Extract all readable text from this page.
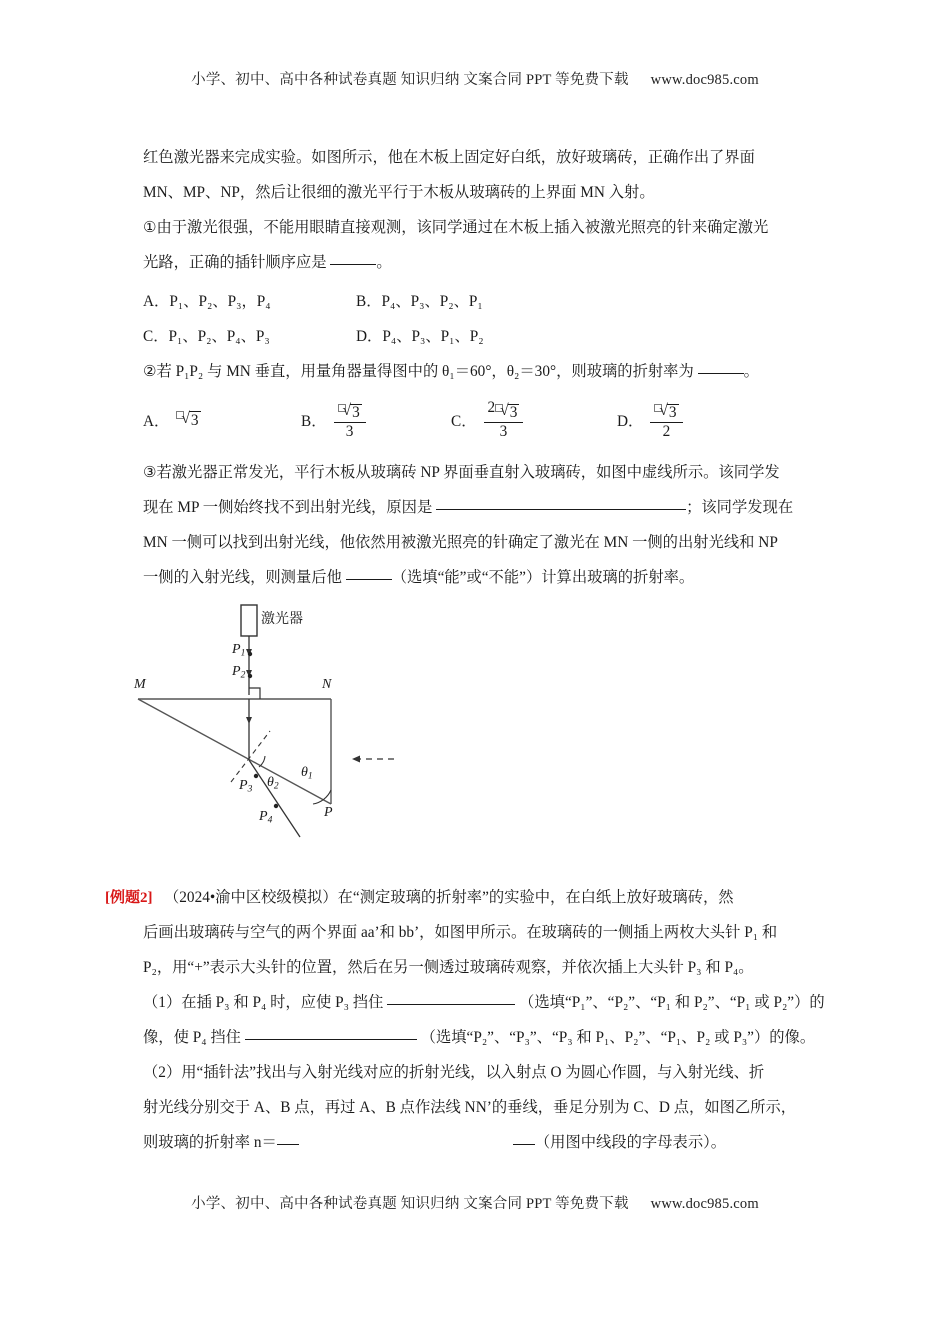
小学、初中、高中各种试卷真题 知识归纳 文案合同 PPT 等免费下载 www.doc985.com

红色激光器来完成实验。如图所示，他在木板上固定好白纸，放好玻璃砖，正确作出了界面

MN、MP、NP，然后让很细的激光平行于木板从玻璃砖的上界面 MN 入射。

①由于激光很强，不能用眼睛直接观测，该同学通过在木板上插入被激光照亮的针来确定激光

光路，正确的插针顺序应是	。

A．P₁、P₂、P₃，P₄	B．P₄、P₃、P₂、P₁
C．P₁、P₂、P₄、P₃	D．P₄、P₃、P₁、P₂

②若 P₁P₂ 与 MN 垂直，用量角器量得图中的 θ₁＝60°，θ₂＝30°，则玻璃的折射率为	。

A． √ 3	B． $\frac{√ 3}{3}$	C． $\frac{2 √ 3}{3}$	D． $\frac{√ 3}{2}$

③若激光器正常发光，平行木板从玻璃砖 NP 界面垂直射入玻璃砖，如图中虚线所示。该同学发

现在 MP 一侧始终找不到出射光线，原因是	；该同学发现在

MN 一侧可以找到出射光线，他依然用被激光照亮的针确定了激光在 MN 一侧的出射光线和 NP

一侧的入射光线，则测量后他	（选填“能”或“不能”）计算出玻璃的折射率。

激光器
$P_1$
$P_2$
M	N
P
$P_3$
$P_4$
$\theta_1$
$\theta_2$

[例题2] （2024•渝中区校级模拟）在“测定玻璃的折射率”的实验中，在白纸上放好玻璃砖，然

后画出玻璃砖与空气的两个界面 aa’和 bb’，如图甲所示。在玻璃砖的一侧插上两枚大头针 P₁ 和

P₂，用“+”表示大头针的位置，然后在另一侧透过玻璃砖观察，并依次插上大头针 P₃ 和 P₄。

（1）在插 P₃ 和 P₄ 时，应使 P₃ 挡住	（选填“P₁”、“P₂”、“P₁ 和 P₂”、“P₁ 或 P₂”）的

像，使 P₄ 挡住	（选填“P₂”、“P₃”、“P₃ 和 P₁、P₂”、“P₁、P₂ 或 P₃”）的像。

（2）用“插针法”找出与入射光线对应的折射光线，以入射点 O 为圆心作圆，与入射光线、折

射光线分别交于 A、B 点，再过 A、B 点作法线 NN’的垂线，垂足分别为 C、D 点，如图乙所示，

则玻璃的折射率 n＝	（用图中线段的字母表示）。

小学、初中、高中各种试卷真题 知识归纳 文案合同 PPT 等免费下载 www.doc985.com
